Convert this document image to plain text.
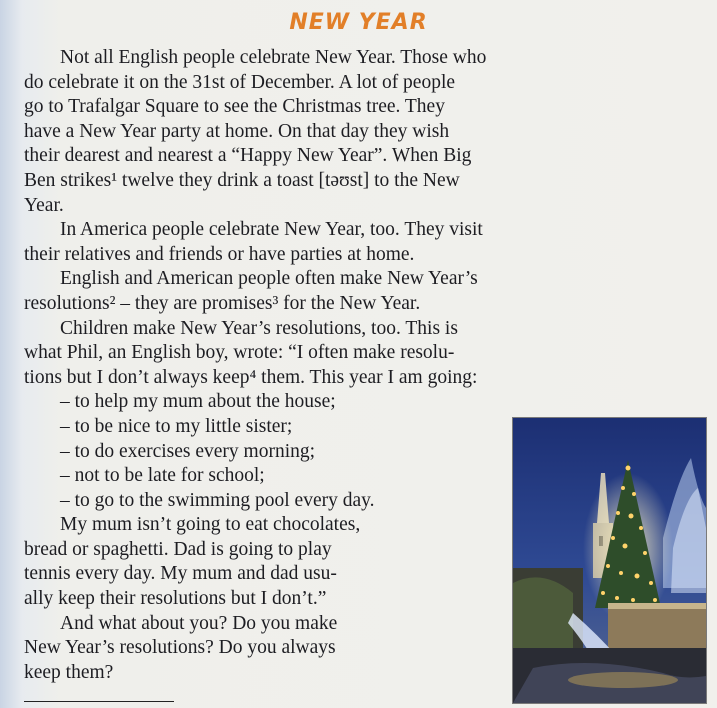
NEW YEAR
Not all English people celebrate New Year. Those who
do celebrate it on the 31st of December. A lot of people
go to Trafalgar Square to see the Christmas tree. They
have a New Year party at home. On that day they wish
their dearest and nearest a “Happy New Year”. When Big
Ben strikes¹ twelve they drink a toast [təʊst] to the New
Year.
In America people celebrate New Year, too. They visit
their relatives and friends or have parties at home.
English and American people often make New Year’s
resolutions² – they are promises³ for the New Year.
Children make New Year’s resolutions, too. This is
what Phil, an English boy, wrote: “I often make resolu-
tions but I don’t always keep⁴ them. This year I am going:
– to help my mum about the house;
– to be nice to my little sister;
– to do exercises every morning;
– not to be late for school;
– to go to the swimming pool every day.
My mum isn’t going to eat chocolates,
bread or spaghetti. Dad is going to play
tennis every day. My mum and dad usu-
ally keep their resolutions but I don’t.”
And what about you? Do you make
New Year’s resolutions? Do you always
keep them?
